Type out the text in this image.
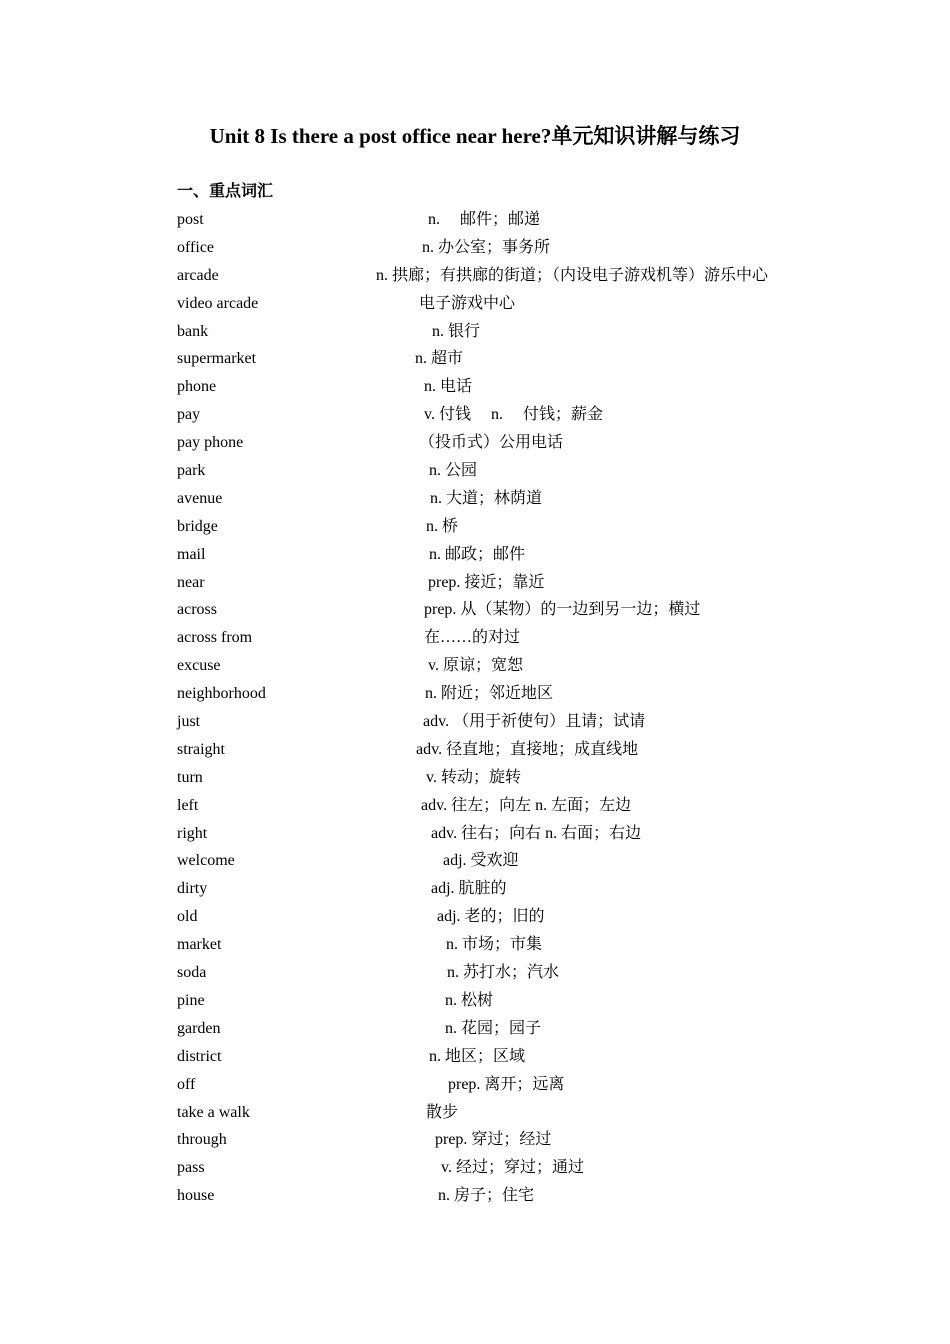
Unit 8 Is there a post office near here?单元知识讲解与练习
一、重点词汇
post	n.     邮件；邮递
office	n. 办公室；事务所
arcade	n. 拱廊；有拱廊的街道；（内设电子游戏机等）游乐中心
video arcade	电子游戏中心
bank	n. 银行
supermarket	n. 超市
phone	n. 电话
pay	v. 付钱     n.     付钱；薪金
pay phone	（投币式）公用电话
park	n. 公园
avenue	n. 大道；林荫道
bridge	n. 桥
mail	n. 邮政；邮件
near	prep. 接近；靠近
across	prep. 从（某物）的一边到另一边；横过
across from	在……的对过
excuse	v. 原谅；宽恕
neighborhood	n. 附近；邻近地区
just	adv. （用于祈使句）且请；试请
straight	adv. 径直地；直接地；成直线地
turn	v. 转动；旋转
left	adv. 往左；向左 n. 左面；左边
right	adv. 往右；向右 n. 右面；右边
welcome	adj. 受欢迎
dirty	adj. 肮脏的
old	adj. 老的；旧的
market	n. 市场；市集
soda	n. 苏打水；汽水
pine	n. 松树
garden	n. 花园；园子
district	n. 地区；区域
off	prep. 离开；远离
take a walk	散步
through	prep. 穿过；经过
pass	v. 经过；穿过；通过
house	n. 房子；住宅
